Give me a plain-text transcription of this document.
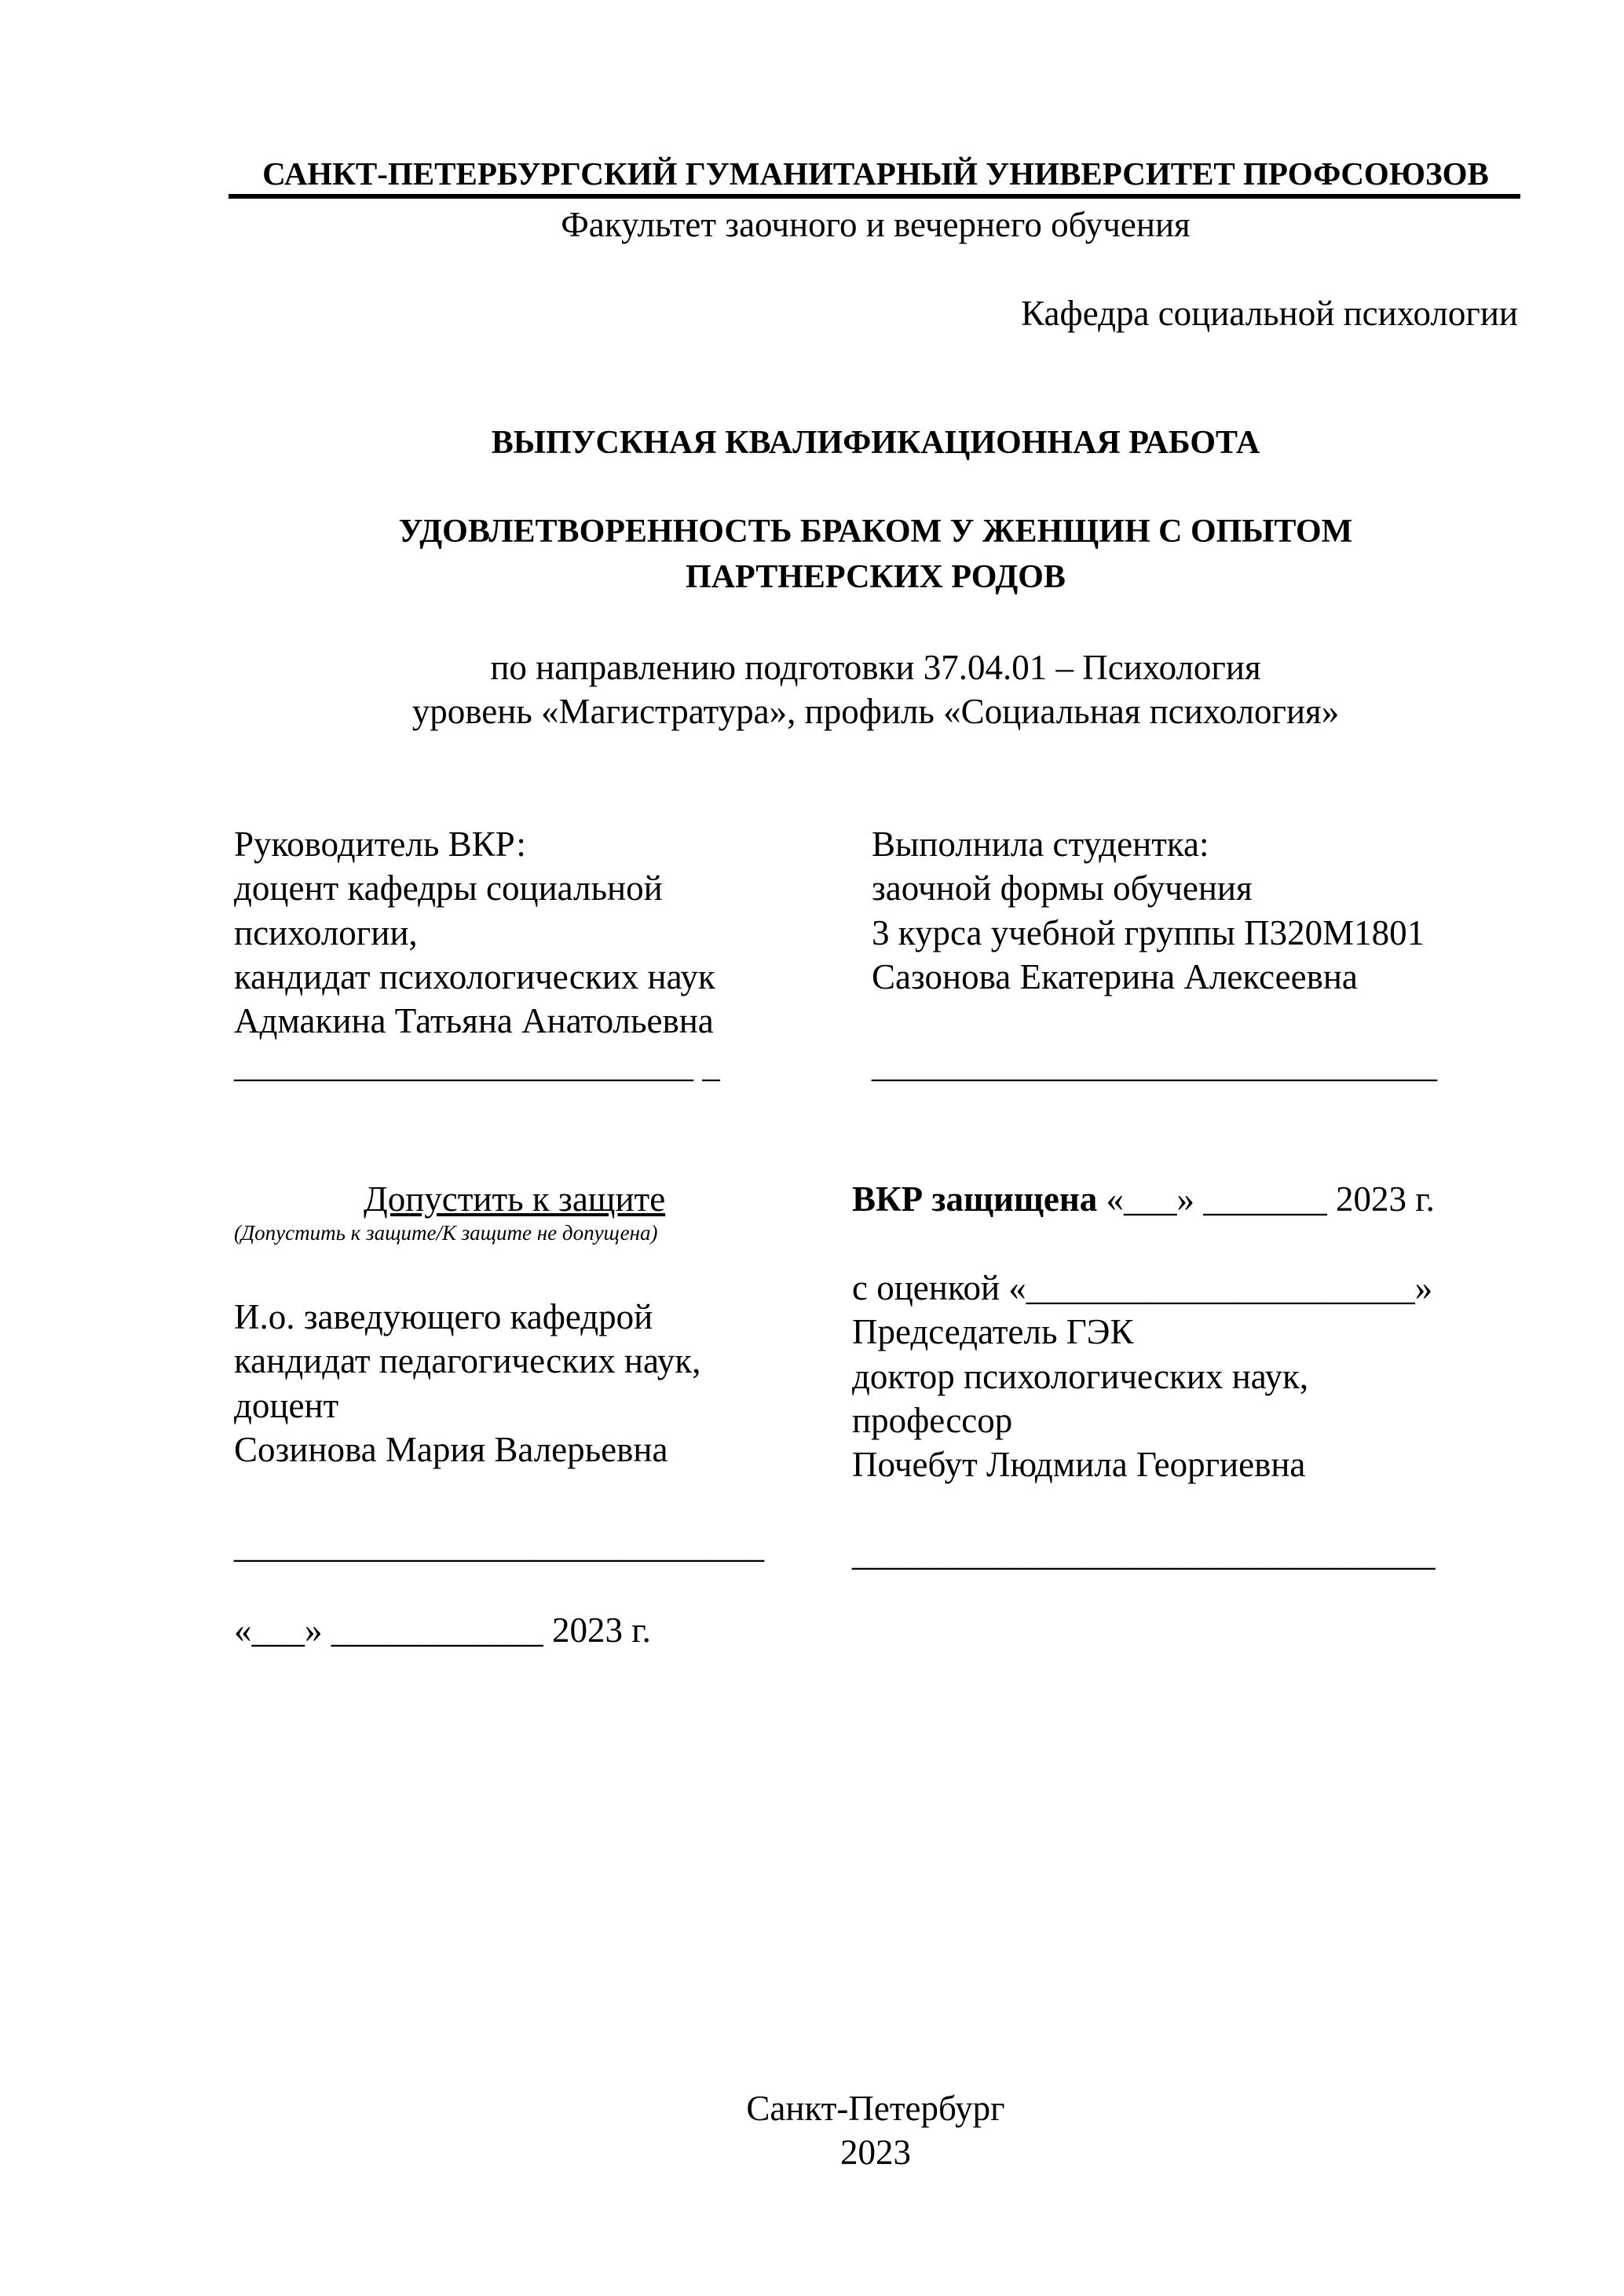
САНКТ-ПЕТЕРБУРГСКИЙ ГУМАНИТАРНЫЙ УНИВЕРСИТЕТ ПРОФСОЮЗОВ
Факультет заочного и вечернего обучения
Кафедра социальной психологии
ВЫПУСКНАЯ КВАЛИФИКАЦИОННАЯ РАБОТА
УДОВЛЕТВОРЕННОСТЬ БРАКОМ У ЖЕНЩИН С ОПЫТОМ
ПАРТНЕРСКИХ РОДОВ
по направлению подготовки 37.04.01 – Психология
уровень «Магистратура», профиль «Социальная психология»
Руководитель ВКР:
доцент кафедры социальной
психологии,
кандидат психологических наук
Адмакина Татьяна Анатольевна
__________________________ _
Выполнила студентка:
заочной формы обучения
3 курса учебной группы П320М1801
Сазонова Екатерина Алексеевна
________________________________
Допустить к защите
(Допустить к защите/К защите не допущена)
И.о. заведующего кафедрой
кандидат педагогических наук,
доцент
Созинова Мария Валерьевна
______________________________
«___» ____________ 2023 г.
ВКР защищена «___» _______ 2023 г.
с оценкой «______________________»
Председатель ГЭК
доктор психологических наук,
профессор
Почебут Людмила Георгиевна
_________________________________
Санкт-Петербург
2023
